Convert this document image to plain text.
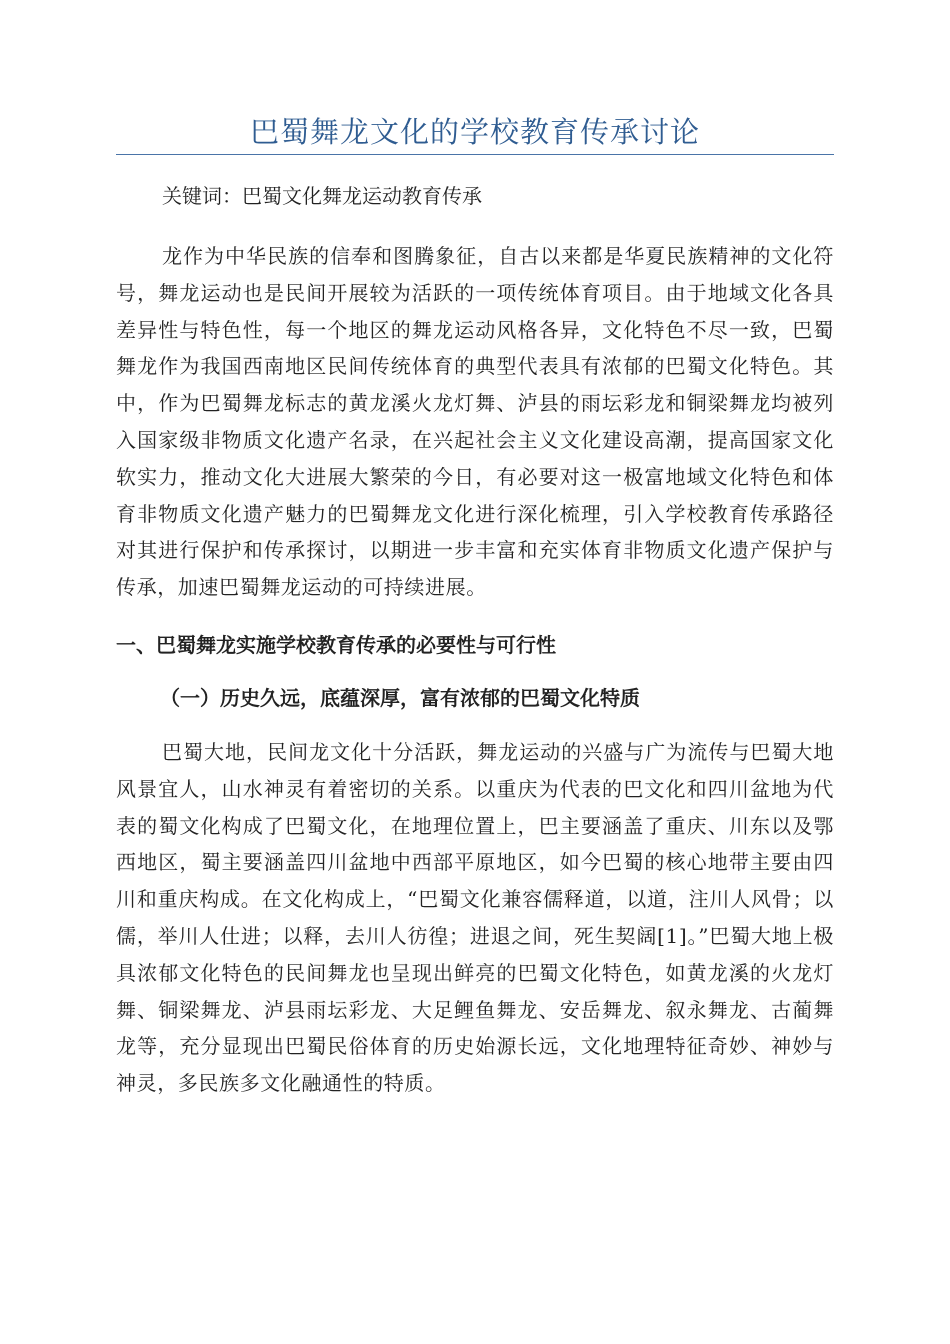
巴蜀舞龙文化的学校教育传承讨论

关键词：巴蜀文化舞龙运动教育传承

龙作为中华民族的信奉和图腾象征，自古以来都是华夏民族精神的文化符号，舞龙运动也是民间开展较为活跃的一项传统体育项目。由于地域文化各具差异性与特色性，每一个地区的舞龙运动风格各异，文化特色不尽一致，巴蜀舞龙作为我国西南地区民间传统体育的典型代表具有浓郁的巴蜀文化特色。其中，作为巴蜀舞龙标志的黄龙溪火龙灯舞、泸县的雨坛彩龙和铜梁舞龙均被列入国家级非物质文化遗产名录，在兴起社会主义文化建设高潮，提高国家文化软实力，推动文化大进展大繁荣的今日，有必要对这一极富地域文化特色和体育非物质文化遗产魅力的巴蜀舞龙文化进行深化梳理，引入学校教育传承路径对其进行保护和传承探讨，以期进一步丰富和充实体育非物质文化遗产保护与传承，加速巴蜀舞龙运动的可持续进展。

一、巴蜀舞龙实施学校教育传承的必要性与可行性
（一）历史久远，底蕴深厚，富有浓郁的巴蜀文化特质

巴蜀大地，民间龙文化十分活跃，舞龙运动的兴盛与广为流传与巴蜀大地风景宜人，山水神灵有着密切的关系。以重庆为代表的巴文化和四川盆地为代表的蜀文化构成了巴蜀文化，在地理位置上，巴主要涵盖了重庆、川东以及鄂西地区，蜀主要涵盖四川盆地中西部平原地区，如今巴蜀的核心地带主要由四川和重庆构成。在文化构成上，“巴蜀文化兼容儒释道，以道，注川人风骨；以儒，举川人仕进；以释，去川人彷徨；进退之间，死生契阔[1]。”巴蜀大地上极具浓郁文化特色的民间舞龙也呈现出鲜亮的巴蜀文化特色，如黄龙溪的火龙灯舞、铜梁舞龙、泸县雨坛彩龙、大足鲤鱼舞龙、安岳舞龙、叙永舞龙、古蔺舞龙等，充分显现出巴蜀民俗体育的历史始源长远，文化地理特征奇妙、神妙与神灵，多民族多文化融通性的特质。
